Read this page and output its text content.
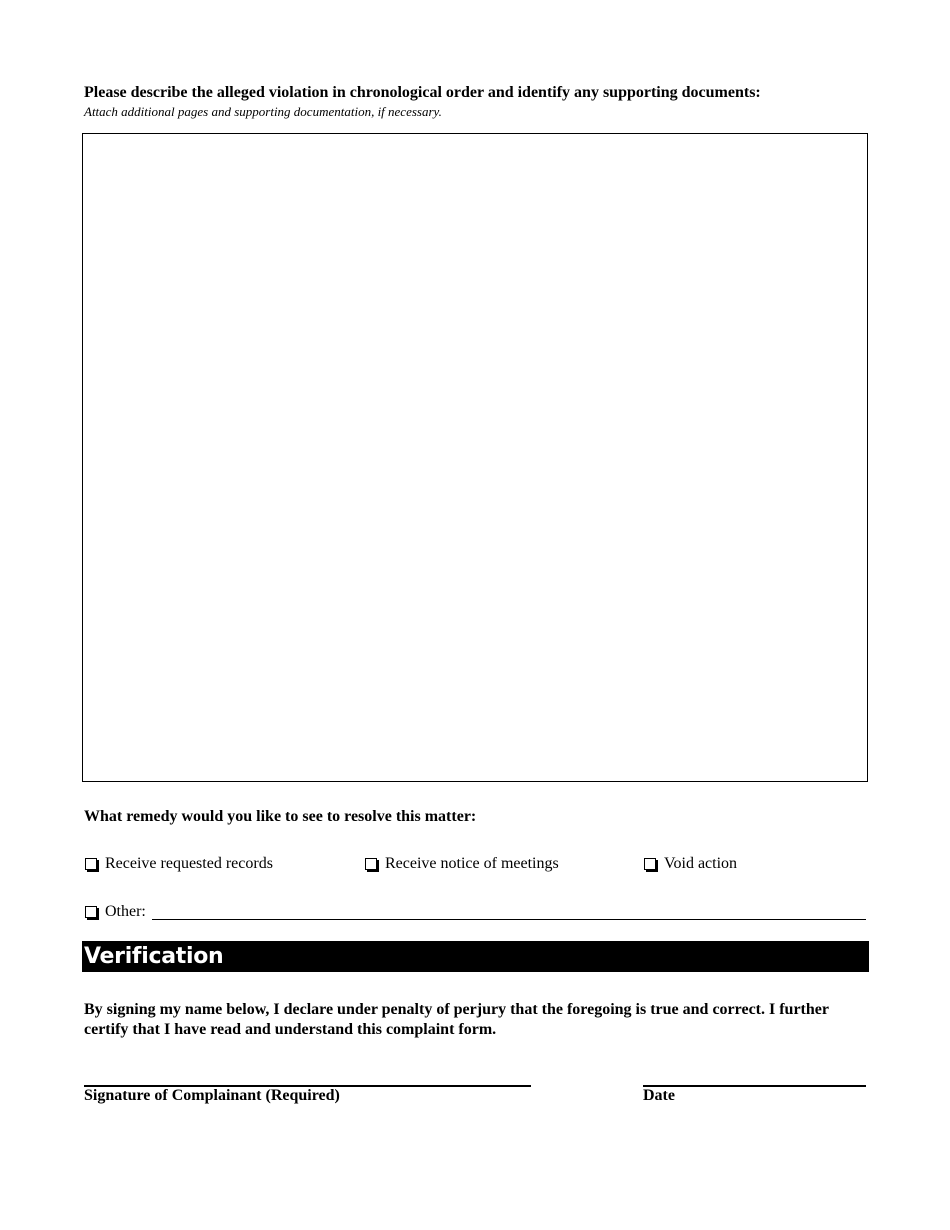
Please describe the alleged violation in chronological order and identify any supporting documents:
Attach additional pages and supporting documentation, if necessary.
What remedy would you like to see to resolve this matter:
Receive requested records	Receive notice of meetings	Void action
Other:
Verification
By signing my name below, I declare under penalty of perjury that the foregoing is true and correct. I further certify that I have read and understand this complaint form.
Signature of Complainant (Required)	Date
